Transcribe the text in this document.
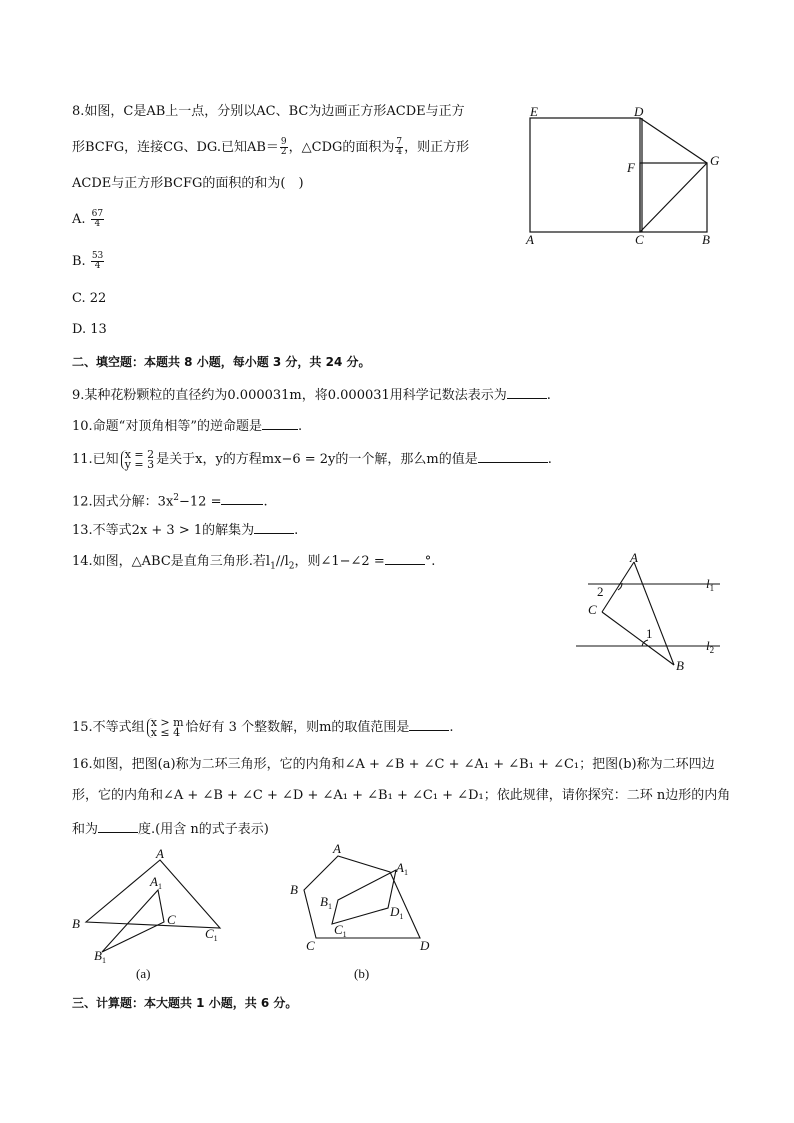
8.如图，C是AB上一点，分别以AC、BC为边画正方形ACDE与正方
形BCFG，连接CG、DG.已知$AB= \frac{9}{2}$ ，△CDG的面积为 $\frac{7}{4}$ ，则正方形
ACDE与正方形BCFG的面积的和为(　)
A. $\frac{67}{4}$
B. $\frac{53}{4}$
C. 22
D. 13
E	D
F	G
A	C	B
二、填空题：本题共 8 小题，每小题 3 分，共 24 分。
9.某种花粉颗粒的直径约为0.000031m，将0.000031用科学记数法表示为	.
10.命题“对顶角相等”的逆命题是	.
11.已知 x = 2
y = 3 是关于x，y的方程mx−6 = 2y的一个解，那么m的值是	.
12.因式分解：$3x^2-12$ =	.
13.不等式2x + 3 > 1的解集为	.
14.如图，△ABC是直角三角形.若$l_1//l_2$，则∠1−∠2 =	°.	A
C
B
2
1
$l_1$
$l_2$
15.不等式组 x > m
x ≤ 4 恰好有 3 个整数解，则m的取值范围是	.
16.如图，把图(a)称为二环三角形，它的内角和∠A + ∠B + ∠C + ∠A₁ + ∠B₁ + ∠C₁；把图(b)称为二环四边
形，它的内角和∠A + ∠B + ∠C + ∠D + ∠A₁ + ∠B₁ + ∠C₁ + ∠D₁；依此规律，请你探究：二环 n边形的内角
和为	度.(用含 n的式子表示)
A
$A_1$
B	C
$C_1$
$B_1$
(a)
A
$A_1$
B
$B_1$	$D_1$
$C_1$
C	D
(b)
三、计算题：本大题共 1 小题，共 6 分。
